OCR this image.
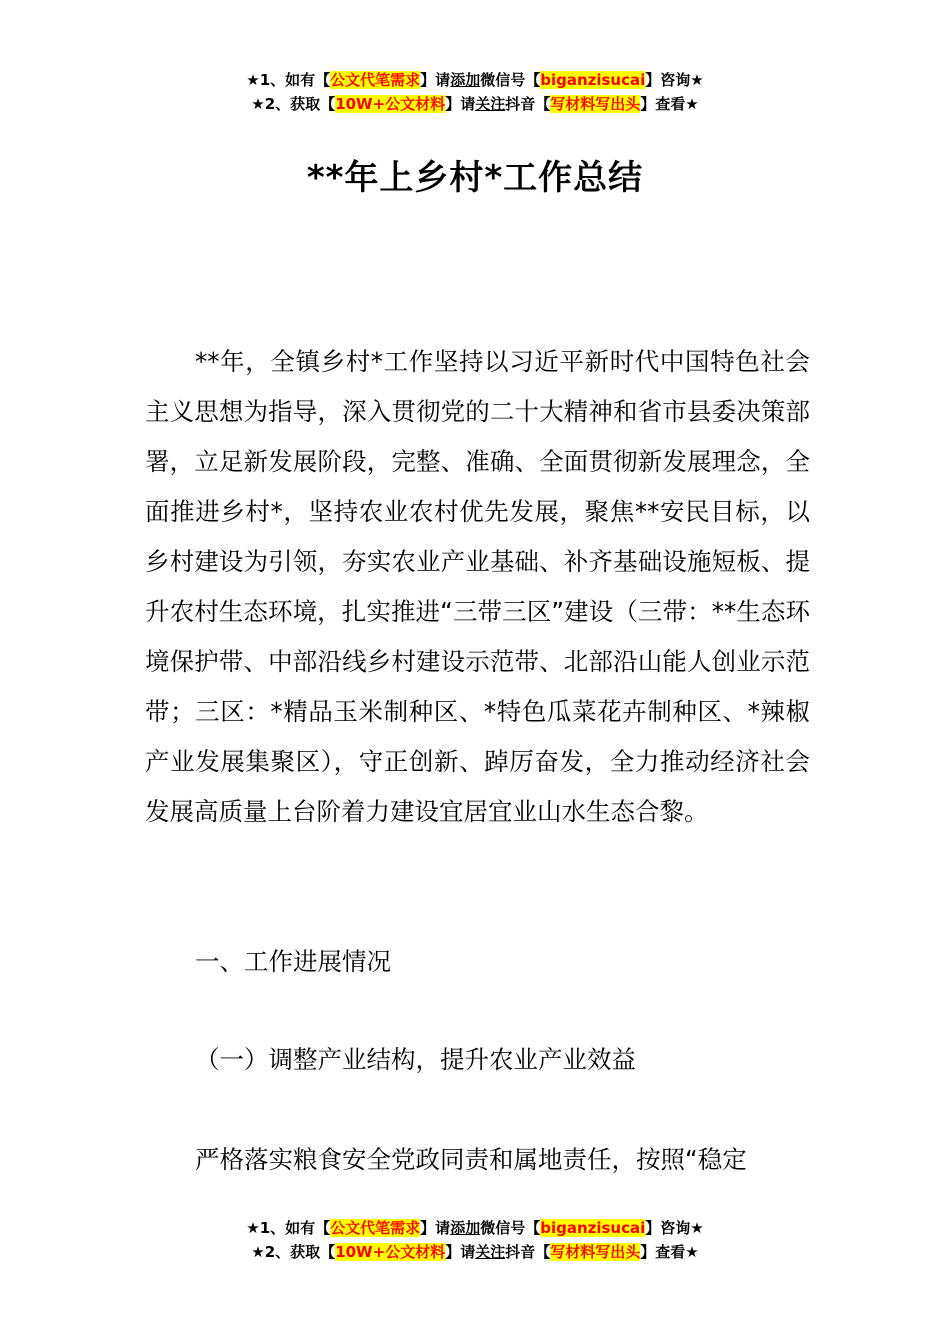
★1、如有【公文代笔需求】请添加微信号【biganzisucai】咨询★
★2、获取【10W+公文材料】请关注抖音【写材料写出头】查看★
**年上乡村*工作总结
**年，全镇乡村*工作坚持以习近平新时代中国特色社会主义思想为指导，深入贯彻党的二十大精神和省市县委决策部署，立足新发展阶段，完整、准确、全面贯彻新发展理念，全面推进乡村*，坚持农业农村优先发展，聚焦**安民目标，以乡村建设为引领，夯实农业产业基础、补齐基础设施短板、提升农村生态环境，扎实推进“三带三区”建设（三带：**生态环境保护带、中部沿线乡村建设示范带、北部沿山能人创业示范带；三区：*精品玉米制种区、*特色瓜菜花卉制种区、*辣椒产业发展集聚区），守正创新、踔厉奋发，全力推动经济社会发展高质量上台阶着力建设宜居宜业山水生态合黎。
一、工作进展情况
（一）调整产业结构，提升农业产业效益
严格落实粮食安全党政同责和属地责任，按照“稳定
★1、如有【公文代笔需求】请添加微信号【biganzisucai】咨询★
★2、获取【10W+公文材料】请关注抖音【写材料写出头】查看★
